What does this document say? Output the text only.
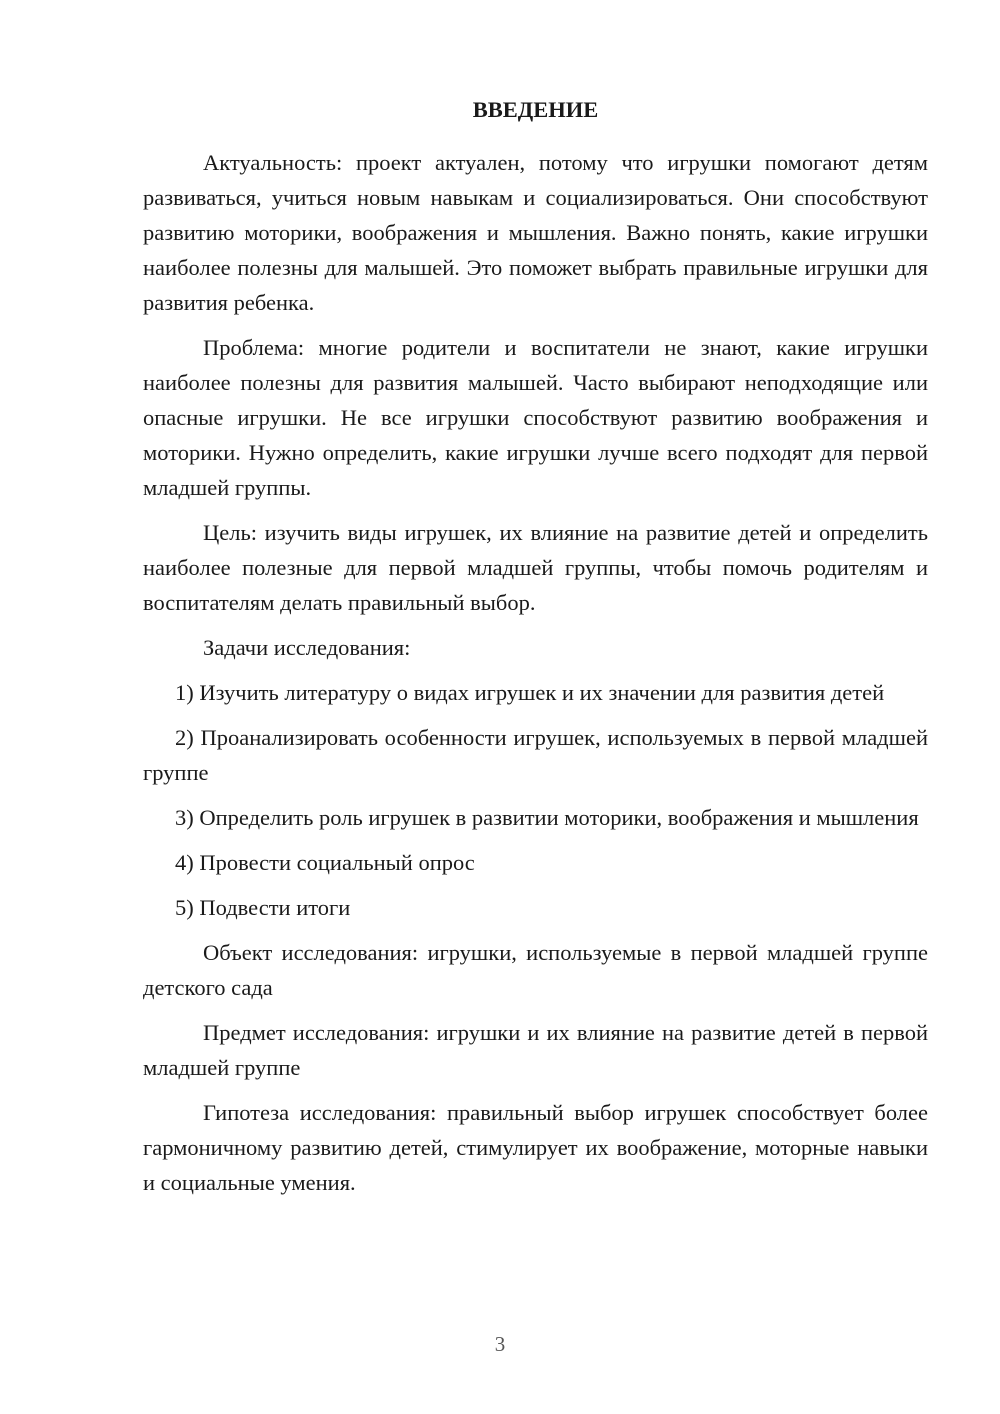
ВВЕДЕНИЕ

Актуальность: проект актуален, потому что игрушки помогают детям развиваться, учиться новым навыкам и социализироваться. Они способствуют развитию моторики, воображения и мышления. Важно понять, какие игрушки наиболее полезны для малышей. Это поможет выбрать правильные игрушки для развития ребенка.

Проблема: многие родители и воспитатели не знают, какие игрушки наиболее полезны для развития малышей. Часто выбирают неподходящие или опасные игрушки. Не все игрушки способствуют развитию воображения и моторики. Нужно определить, какие игрушки лучше всего подходят для первой младшей группы.

Цель: изучить виды игрушек, их влияние на развитие детей и определить наиболее полезные для первой младшей группы, чтобы помочь родителям и воспитателям делать правильный выбор.

Задачи исследования:

1) Изучить литературу о видах игрушек и их значении для развития детей

2) Проанализировать особенности игрушек, используемых в первой младшей группе

3) Определить роль игрушек в развитии моторики, воображения и мышления

4) Провести социальный опрос

5) Подвести итоги

Объект исследования: игрушки, используемые в первой младшей группе детского сада

Предмет исследования: игрушки и их влияние на развитие детей в первой младшей группе

Гипотеза исследования: правильный выбор игрушек способствует более гармоничному развитию детей, стимулирует их воображение, моторные навыки и социальные умения.

3
